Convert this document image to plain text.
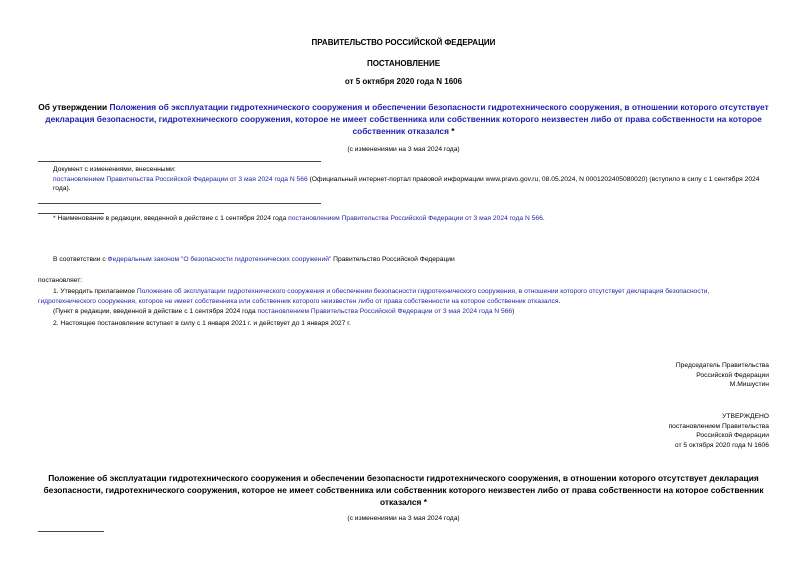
ПРАВИТЕЛЬСТВО РОССИЙСКОЙ ФЕДЕРАЦИИ
ПОСТАНОВЛЕНИЕ
от 5 октября 2020 года N 1606
Об утверждении Положения об эксплуатации гидротехнического сооружения и обеспечении безопасности гидротехнического сооружения, в отношении которого отсутствует декларация безопасности, гидротехнического сооружения, которое не имеет собственника или собственник которого неизвестен либо от права собственности на которое собственник отказался *
(с изменениями на 3 мая 2024 года)
Документ с изменениями, внесенными:
постановлением Правительства Российской Федерации от 3 мая 2024 года N 566 (Официальный интернет-портал правовой информации www.pravo.gov.ru, 08.05.2024, N 0001202405080020) (вступило в силу с 1 сентября 2024 года).
* Наименование в редакции, введенной в действие с 1 сентября 2024 года постановлением Правительства Российской Федерации от 3 мая 2024 года N 566.
В соответствии с Федеральным законом "О безопасности гидротехнических сооружений" Правительство Российской Федерации
постановляет:
1. Утвердить прилагаемое Положение об эксплуатации гидротехнического сооружения и обеспечении безопасности гидротехнического сооружения, в отношении которого отсутствует декларация безопасности, гидротехнического сооружения, которое не имеет собственника или собственник которого неизвестен либо от права собственности на которое собственник отказался.
(Пункт в редакции, введенной в действие с 1 сентября 2024 года постановлением Правительства Российской Федерации от 3 мая 2024 года N 566)
2. Настоящее постановление вступает в силу с 1 января 2021 г. и действует до 1 января 2027 г.
Председатель Правительства
Российской Федерации
М.Мишустин
УТВЕРЖДЕНО
постановлением Правительства
Российской Федерации
от 5 октября 2020 года N 1606
Положение об эксплуатации гидротехнического сооружения и обеспечении безопасности гидротехнического сооружения, в отношении которого отсутствует декларация безопасности, гидротехнического сооружения, которое не имеет собственника или собственник которого неизвестен либо от права собственности на которое собственник отказался *
(с изменениями на 3 мая 2024 года)
